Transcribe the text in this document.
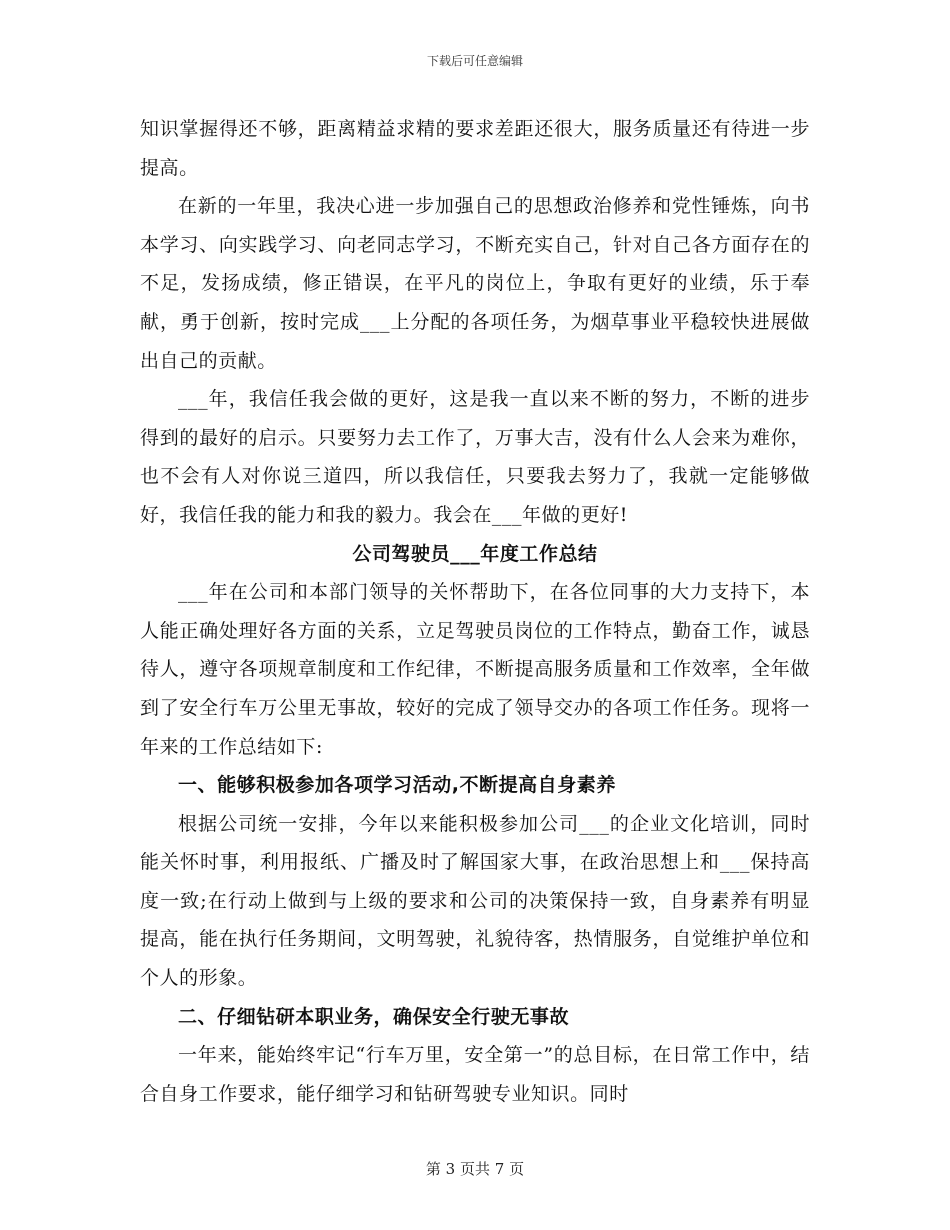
下载后可任意编辑

知识掌握得还不够，距离精益求精的要求差距还很大，服务质量还有待进一步提高。

在新的一年里，我决心进一步加强自己的思想政治修养和党性锤炼，向书本学习、向实践学习、向老同志学习，不断充实自己，针对自己各方面存在的不足，发扬成绩，修正错误，在平凡的岗位上，争取有更好的业绩，乐于奉献，勇于创新，按时完成___上分配的各项任务，为烟草事业平稳较快进展做出自己的贡献。

___年，我信任我会做的更好，这是我一直以来不断的努力，不断的进步得到的最好的启示。只要努力去工作了，万事大吉，没有什么人会来为难你，也不会有人对你说三道四，所以我信任，只要我去努力了，我就一定能够做好，我信任我的能力和我的毅力。我会在___年做的更好!

公司驾驶员___年度工作总结

___年在公司和本部门领导的关怀帮助下，在各位同事的大力支持下，本人能正确处理好各方面的关系，立足驾驶员岗位的工作特点，勤奋工作，诚恳待人，遵守各项规章制度和工作纪律，不断提高服务质量和工作效率，全年做到了安全行车万公里无事故，较好的完成了领导交办的各项工作任务。现将一年来的工作总结如下:

一、能够积极参加各项学习活动,不断提高自身素养

根据公司统一安排，今年以来能积极参加公司___的企业文化培训，同时能关怀时事，利用报纸、广播及时了解国家大事，在政治思想上和___保持高度一致;在行动上做到与上级的要求和公司的决策保持一致，自身素养有明显提高，能在执行任务期间，文明驾驶，礼貌待客，热情服务，自觉维护单位和个人的形象。

二、仔细钻研本职业务，确保安全行驶无事故

一年来，能始终牢记“行车万里，安全第一”的总目标，在日常工作中，结合自身工作要求，能仔细学习和钻研驾驶专业知识。同时

第 3 页共 7 页
